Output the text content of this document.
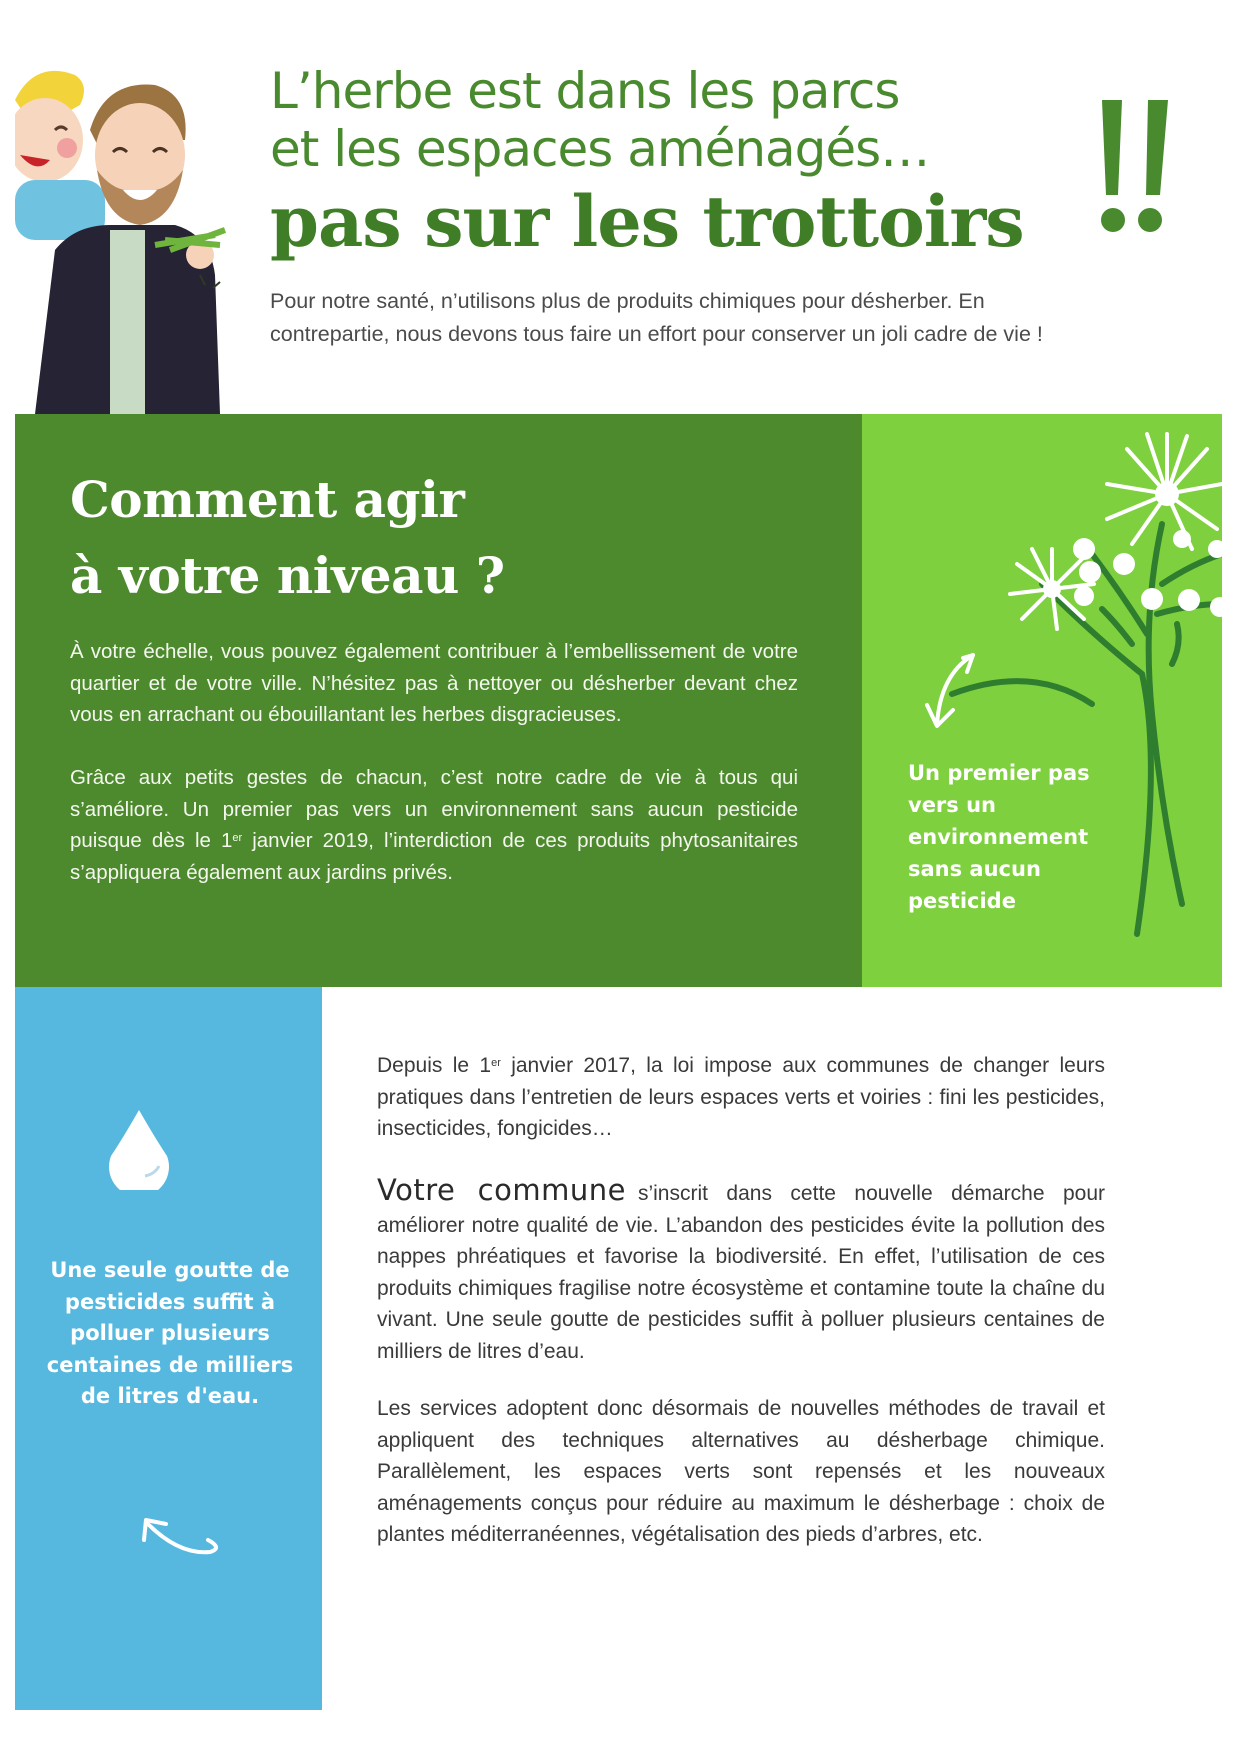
L’herbe est dans les parcs
et les espaces aménagés…
pas sur les trottoirs
Pour notre santé, n’utilisons plus de produits chimiques pour désherber. En contrepartie, nous devons tous faire un effort pour conserver un joli cadre de vie !
Comment agir
à votre niveau ?
À votre échelle, vous pouvez également contribuer à l’embellissement de votre quartier et de votre ville. N’hésitez pas à nettoyer ou désherber devant chez vous en arrachant ou ébouillantant les herbes disgracieuses.
Grâce aux petits gestes de chacun, c’est notre cadre de vie à tous qui s’améliore. Un premier pas vers un environnement sans aucun pesticide puisque dès le 1er janvier 2019, l’interdiction de ces produits phytosanitaires s’appliquera également aux jardins privés.
Un premier pas vers un environnement sans aucun pesticide
Une seule goutte de pesticides suffit à polluer plusieurs centaines de milliers de litres d'eau.
Depuis le 1er janvier 2017, la loi impose aux communes de changer leurs pratiques dans l’entretien de leurs espaces verts et voiries : fini les pesticides, insecticides, fongicides…
Votre commune s’inscrit dans cette nouvelle démarche pour améliorer notre qualité de vie. L’abandon des pesticides évite la pollution des nappes phréatiques et favorise la biodiversité. En effet, l’utilisation de ces produits chimiques fragilise notre écosystème et contamine toute la chaîne du vivant. Une seule goutte de pesticides suffit à polluer plusieurs centaines de milliers de litres d’eau.
Les services adoptent donc désormais de nouvelles méthodes de travail et appliquent des techniques alternatives au désherbage chimique. Parallèlement, les espaces verts sont repensés et les nouveaux aménagements conçus pour réduire au maximum le désherbage : choix de plantes méditerranéennes, végétalisation des pieds d’arbres, etc.
